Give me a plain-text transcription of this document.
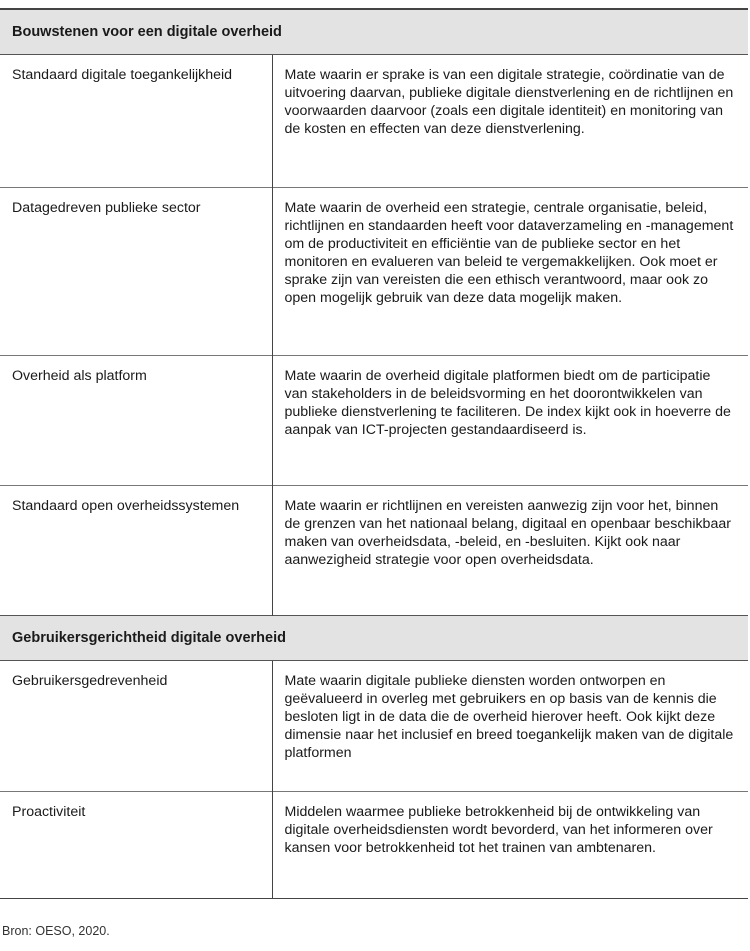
Bouwstenen voor een digitale overheid	
Standaard digitale toegankelijkheid	Mate waarin er sprake is van een digitale strategie, coördinatie van de uitvoering daarvan, publieke digitale dienstverlening en de richtlijnen en voorwaarden daarvoor (zoals een digitale identiteit) en monitoring van de kosten en effecten van deze dienstverlening.
Datagedreven publieke sector	Mate waarin de overheid een strategie, centrale organisatie, beleid, richtlijnen en standaarden heeft voor dataverzameling en -management om de productiviteit en efficiëntie van de publieke sector en het monitoren en evalueren van beleid te vergemakkelijken. Ook moet er sprake zijn van vereisten die een ethisch verantwoord, maar ook zo open mogelijk gebruik van deze data mogelijk maken.
Overheid als platform	Mate waarin de overheid digitale platformen biedt om de participatie van stakeholders in de beleidsvorming en het doorontwikkelen van publieke dienstverlening te faciliteren. De index kijkt ook in hoeverre de aanpak van ICT-projecten gestandaardiseerd is.
Standaard open overheidssystemen	Mate waarin er richtlijnen en vereisten aanwezig zijn voor het, binnen de grenzen van het nationaal belang, digitaal en openbaar beschikbaar maken van overheidsdata, -beleid, en -besluiten. Kijkt ook naar aanwezigheid strategie voor open overheidsdata.
Gebruikersgerichtheid digitale overheid	
Gebruikersgedrevenheid	Mate waarin digitale publieke diensten worden ontworpen en geëvalueerd in overleg met gebruikers en op basis van de kennis die besloten ligt in de data die de overheid hierover heeft. Ook kijkt deze dimensie naar het inclusief en breed toegankelijk maken van de digitale platformen
Proactiviteit	Middelen waarmee publieke betrokkenheid bij de ontwikkeling van digitale overheidsdiensten wordt bevorderd, van het informeren over kansen voor betrokkenheid tot het trainen van ambtenaren.
Bron: OESO, 2020.
